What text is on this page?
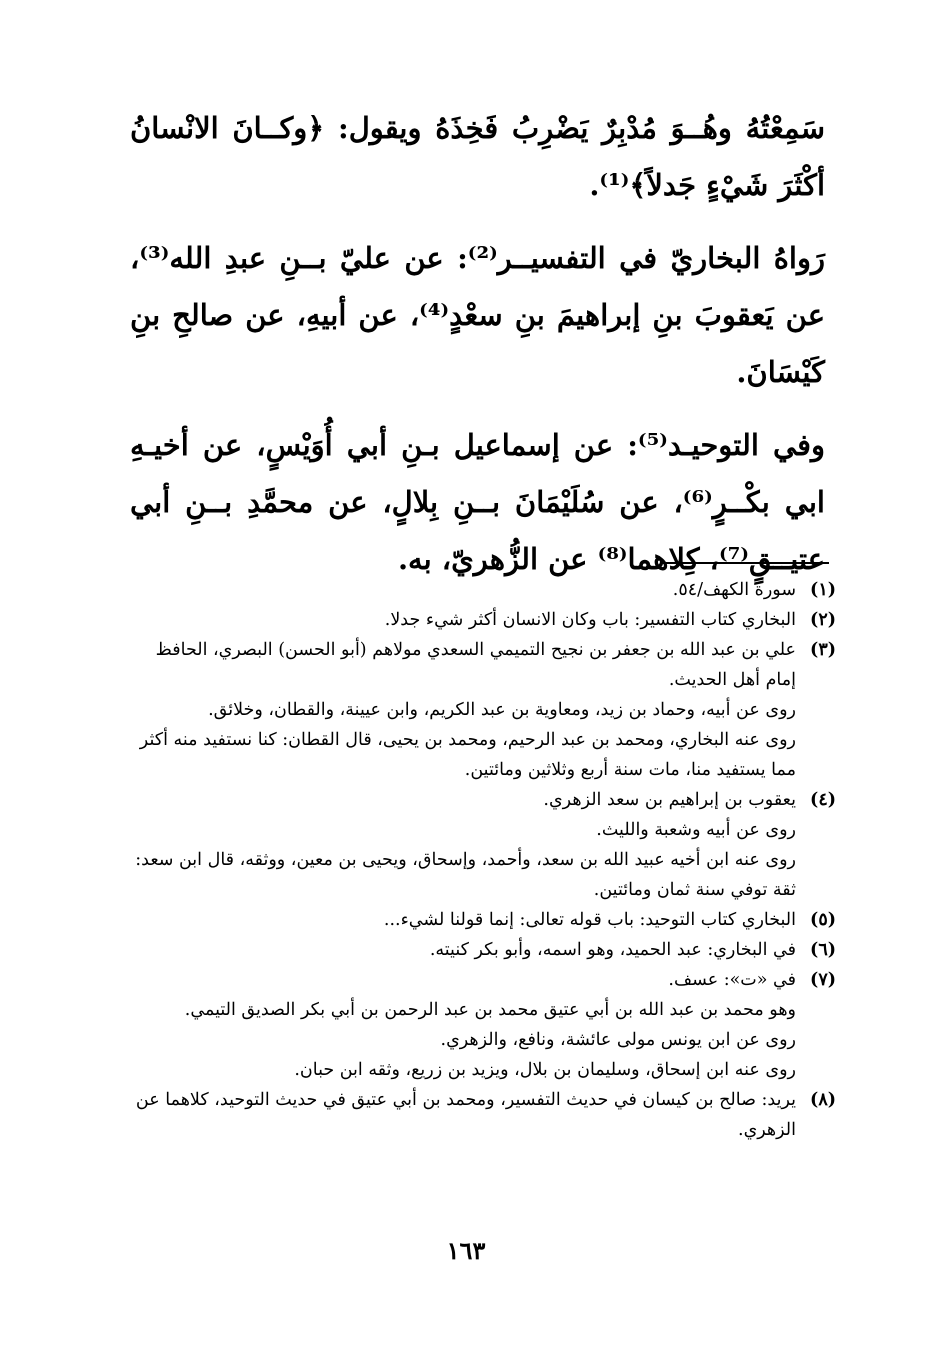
سَمِعْتُهُ وهُــوَ مُدْبِرٌ يَضْرِبُ فَخِذَهُ ويقول: ﴿وكــانَ الانْسانُ أكْثَرَ شَيْءٍ جَدلاً﴾⁽¹⁾.

رَواهُ البخاريّ في التفسيــر⁽²⁾: عن عليّ بــنِ عبدِ الله⁽³⁾، عن يَعقوبَ بنِ إبراهيمَ بنِ سعْدٍ⁽⁴⁾، عن أبيهِ، عن صالحِ بنِ كَيْسَانَ.

وفي التوحيـد⁽⁵⁾: عن إسماعيل بـنِ أبي أُوَيْسٍ، عن أخيـهِ ابي بكْــرٍ⁽⁶⁾، عن سُلَيْمَانَ بــنِ بِلالٍ، عن محمَّدِ بــنِ أبي عتيــقٍ⁽⁷⁾، كِلاهما⁽⁸⁾ عن الزُّهريّ، به.

(١)
سورة الكهف/٥٤.
(٢)
البخاري كتاب التفسير: باب وكان الانسان أكثر شيء جدلا.
(٣)
علي بن عبد الله بن جعفر بن نجيح التميمي السعدي مولاهم (أبو الحسن) البصري، الحافظ إمام أهل الحديث.
روى عن أبيه، وحماد بن زيد، ومعاوية بن عبد الكريم، وابن عيينة، والقطان، وخلائق.
روى عنه البخاري، ومحمد بن عبد الرحيم، ومحمد بن يحيى، قال القطان: كنا نستفيد منه أكثر مما يستفيد منا، مات سنة أربع وثلاثين ومائتين.
(٤)
يعقوب بن إبراهيم بن سعد الزهري.
روى عن أبيه وشعبة والليث.
روى عنه ابن أخيه عبيد الله بن سعد، وأحمد، وإسحاق، ويحيى بن معين، ووثقه، قال ابن سعد: ثقة توفي سنة ثمان ومائتين.
(٥)
البخاري كتاب التوحيد: باب قوله تعالى: إنما قولنا لشيء...
(٦)
في البخاري: عبد الحميد، وهو اسمه، وأبو بكر كنيته.
(٧)
في «ت»: عسف.
وهو محمد بن عبد الله بن أبي عتيق محمد بن عبد الرحمن بن أبي بكر الصديق التيمي.
روى عن ابن يونس مولى عائشة، ونافع، والزهري.
روى عنه ابن إسحاق، وسليمان بن بلال، ويزيد بن زريع، وثقه ابن حبان.
(٨)
يريد: صالح بن كيسان في حديث التفسير، ومحمد بن أبي عتيق في حديث التوحيد، كلاهما عن الزهري.
١٦٣
